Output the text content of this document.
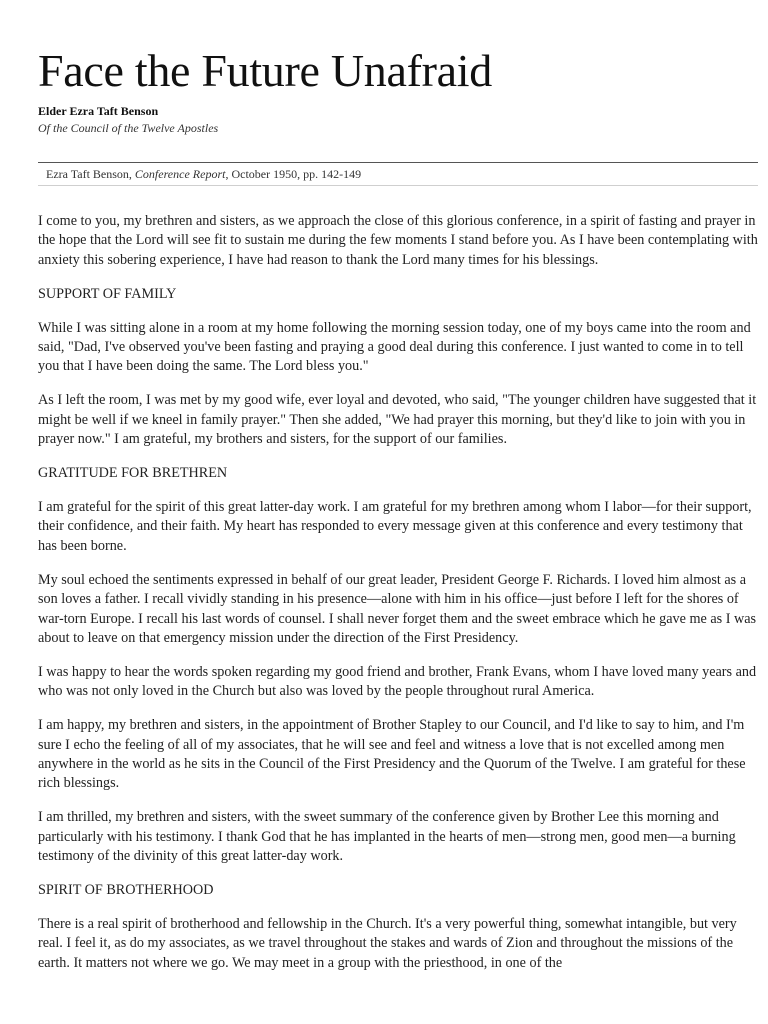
Face the Future Unafraid
Elder Ezra Taft Benson
Of the Council of the Twelve Apostles
Ezra Taft Benson, Conference Report, October 1950, pp. 142-149

I come to you, my brethren and sisters, as we approach the close of this glorious conference, in a spirit of fasting and prayer in the hope that the Lord will see fit to sustain me during the few moments I stand before you. As I have been contemplating with anxiety this sobering experience, I have had reason to thank the Lord many times for his blessings.

SUPPORT OF FAMILY

While I was sitting alone in a room at my home following the morning session today, one of my boys came into the room and said, "Dad, I've observed you've been fasting and praying a good deal during this conference. I just wanted to come in to tell you that I have been doing the same. The Lord bless you."

As I left the room, I was met by my good wife, ever loyal and devoted, who said, "The younger children have suggested that it might be well if we kneel in family prayer." Then she added, "We had prayer this morning, but they'd like to join with you in prayer now." I am grateful, my brothers and sisters, for the support of our families.

GRATITUDE FOR BRETHREN

I am grateful for the spirit of this great latter-day work. I am grateful for my brethren among whom I labor—for their support, their confidence, and their faith. My heart has responded to every message given at this conference and every testimony that has been borne.

My soul echoed the sentiments expressed in behalf of our great leader, President George F. Richards. I loved him almost as a son loves a father. I recall vividly standing in his presence—alone with him in his office—just before I left for the shores of war-torn Europe. I recall his last words of counsel. I shall never forget them and the sweet embrace which he gave me as I was about to leave on that emergency mission under the direction of the First Presidency.

I was happy to hear the words spoken regarding my good friend and brother, Frank Evans, whom I have loved many years and who was not only loved in the Church but also was loved by the people throughout rural America.

I am happy, my brethren and sisters, in the appointment of Brother Stapley to our Council, and I'd like to say to him, and I'm sure I echo the feeling of all of my associates, that he will see and feel and witness a love that is not excelled among men anywhere in the world as he sits in the Council of the First Presidency and the Quorum of the Twelve. I am grateful for these rich blessings.

I am thrilled, my brethren and sisters, with the sweet summary of the conference given by Brother Lee this morning and particularly with his testimony. I thank God that he has implanted in the hearts of men—strong men, good men—a burning testimony of the divinity of this great latter-day work.

SPIRIT OF BROTHERHOOD

There is a real spirit of brotherhood and fellowship in the Church. It's a very powerful thing, somewhat intangible, but very real. I feel it, as do my associates, as we travel throughout the stakes and wards of Zion and throughout the missions of the earth. It matters not where we go. We may meet in a group with the priesthood, in one of the
